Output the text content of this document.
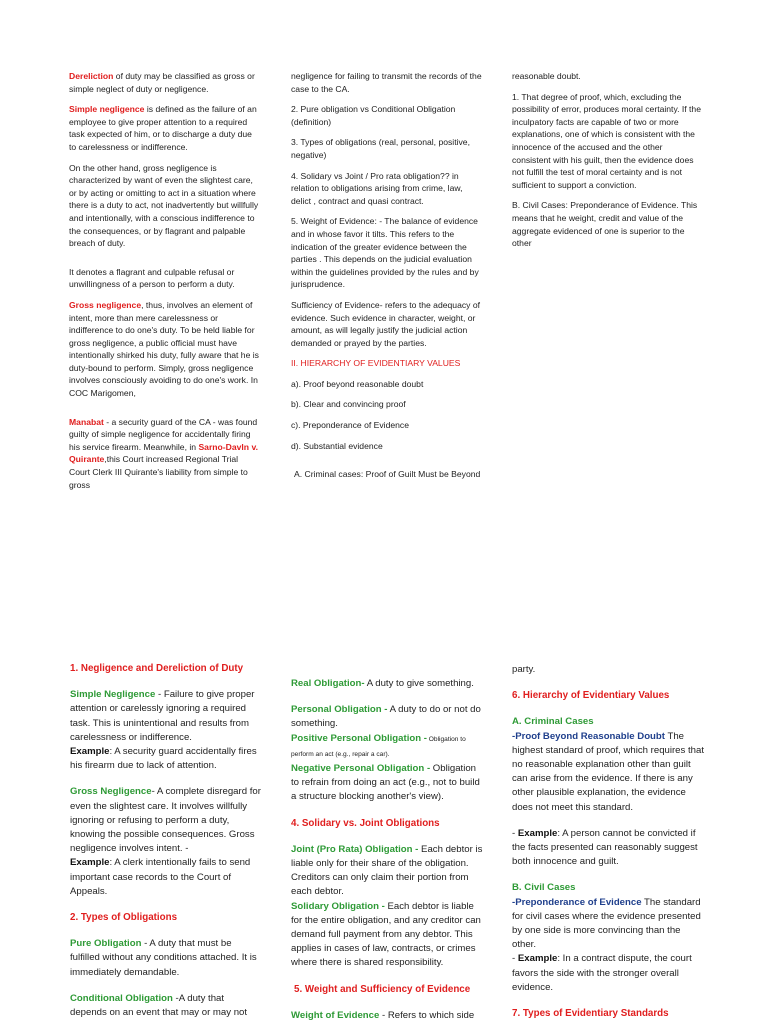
Dereliction of duty may be classified as gross or simple neglect of duty or negligence.

Simple negligence is defined as the failure of an employee to give proper attention to a required task expected of him, or to discharge a duty due to carelessness or indifference.

On the other hand, gross negligence is characterized by want of even the slightest care, or by acting or omitting to act in a situation where there is a duty to act, not inadvertently but willfully and intentionally, with a conscious indifference to the consequences, or by flagrant and palpable breach of duty.

It denotes a flagrant and culpable refusal or unwillingness of a person to perform a duty.

Gross negligence, thus, involves an element of intent, more than mere carelessness or indifference to do one's duty. To be held liable for gross negligence, a public official must have intentionally shirked his duty, fully aware that he is duty-bound to perform. Simply, gross negligence involves consciously avoiding to do one's work. In COC Marigomen,

Manabat - a security guard of the CA - was found guilty of simple negligence for accidentally firing his service firearm. Meanwhile, in Sarno-Davln v. Quirante,this Court increased Regional Trial Court Clerk III Quirante's liability from simple to gross

negligence for failing to transmit the records of the case to the CA.

2. Pure obligation vs Conditional Obligation (definition)

3. Types of obligations (real, personal, positive, negative)

4. Solidary vs Joint / Pro rata obligation?? in relation to obligations arising from crime, law, delict , contract and quasi contract.

5. Weight of Evidence: - The balance of evidence and in whose favor it tilts. This refers to the indication of the greater evidence between the parties . This depends on the judicial evaluation within the guidelines provided by the rules and by jurisprudence.

Sufficiency of Evidence- refers to the adequacy of evidence. Such evidence in character, weight, or amount, as will legally justify the judicial action demanded or prayed by the parties.

II. HIERARCHY OF EVIDENTIARY VALUES

a). Proof beyond reasonable doubt

b). Clear and convincing proof

c). Preponderance of Evidence

d). Substantial evidence

A. Criminal cases: Proof of Guilt Must be Beyond

reasonable doubt.

1. That degree of proof, which, excluding the possibility of error, produces moral certainty. If the inculpatory facts are capable of two or more explanations, one of which is consistent with the innocence of the accused and the other consistent with his guilt, then the evidence does not fulfill the test of moral certainty and is not sufficient to support a conviction.

B. Civil Cases: Preponderance of Evidence. This means that he weight, credit and value of the aggregate evidenced of one is superior to the other

1. Negligence and Dereliction of Duty
Simple Negligence - Failure to give proper attention or carelessly ignoring a required task. This is unintentional and results from carelessness or indifference.
Example: A security guard accidentally fires his firearm due to lack of attention.
Gross Negligence- A complete disregard for even the slightest care. It involves willfully ignoring or refusing to perform a duty, knowing the possible consequences. Gross negligence involves intent. -
Example: A clerk intentionally fails to send important case records to the Court of Appeals.
2. Types of Obligations
Pure Obligation - A duty that must be fulfilled without any conditions attached. It is immediately demandable.
Conditional Obligation -A duty that depends on an event that may or may not
Real Obligation- A duty to give something.
Personal Obligation - A duty to do or not do something.
Positive Personal Obligation - Obligation to perform an act (e.g., repair a car).
Negative Personal Obligation - Obligation to refrain from doing an act (e.g., not to build a structure blocking another's view).
4. Solidary vs. Joint Obligations
Joint (Pro Rata) Obligation - Each debtor is liable only for their share of the obligation. Creditors can only claim their portion from each debtor.
Solidary Obligation - Each debtor is liable for the entire obligation, and any creditor can demand full payment from any debtor. This applies in cases of law, contracts, or crimes where there is shared responsibility.
5. Weight and Sufficiency of Evidence
Weight of Evidence - Refers to which side
party.
6. Hierarchy of Evidentiary Values
A. Criminal Cases
-Proof Beyond Reasonable Doubt The highest standard of proof, which requires that no reasonable explanation other than guilt can arise from the evidence. If there is any other plausible explanation, the evidence does not meet this standard.
- Example: A person cannot be convicted if the facts presented can reasonably suggest both innocence and guilt.
B. Civil Cases
-Preponderance of Evidence The standard for civil cases where the evidence presented by one side is more convincing than the other.
- Example: In a contract dispute, the court favors the side with the stronger overall evidence.
7. Types of Evidentiary Standards
